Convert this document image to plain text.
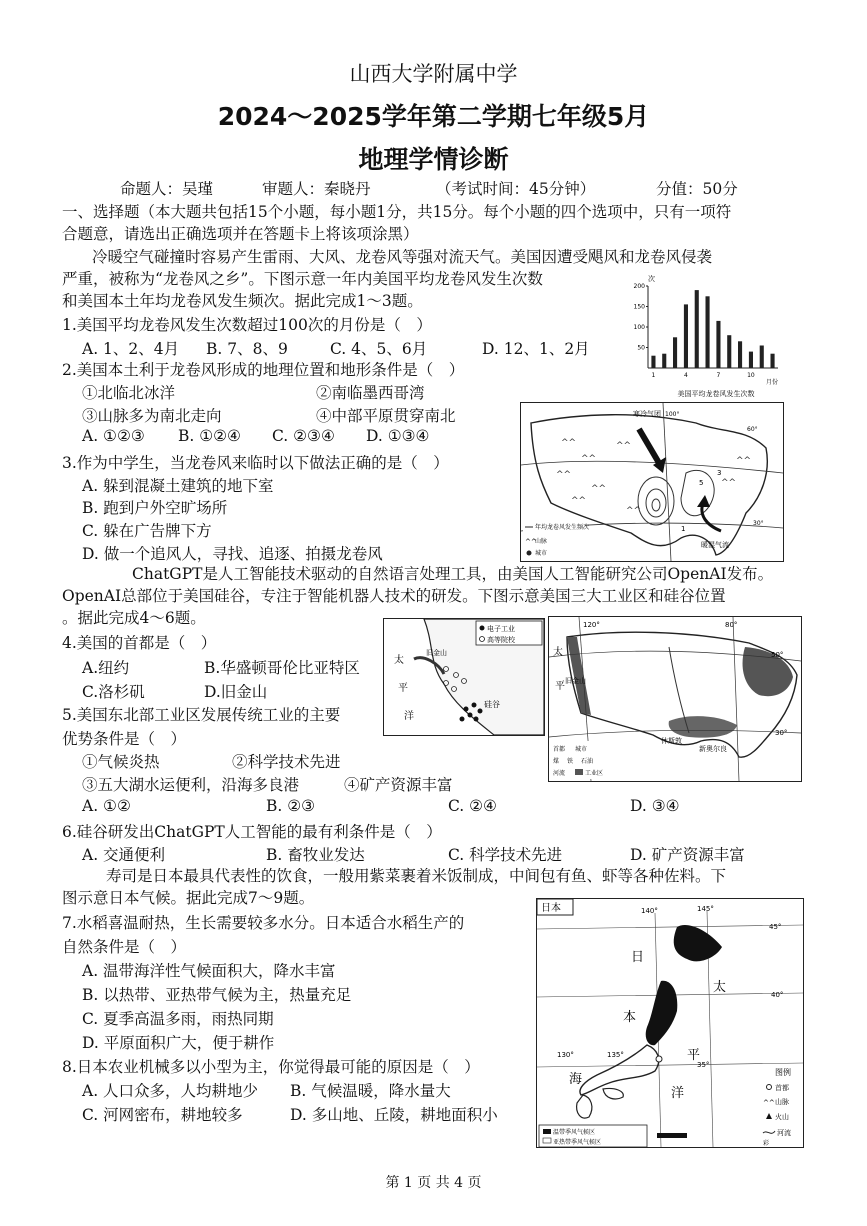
山西大学附属中学
2024～2025学年第二学期七年级5月
地理学情诊断
命题人：吴瑾	审题人：秦晓丹	（考试时间：45分钟）	分值：50分
一、选择题（本大题共包括15个小题，每小题1分，共15分。每个小题的四个选项中，只有一项符
合题意，请选出正确选项并在答题卡上将该项涂黑）
冷暖空气碰撞时容易产生雷雨、大风、龙卷风等强对流天气。美国因遭受飓风和龙卷风侵袭
严重，被称为“龙卷风之乡”。下图示意一年内美国平均龙卷风发生次数
和美国本土年均龙卷风发生频次。据此完成1～3题。
次
200
150
100
50
1	4	7	10
月份
美国平均龙卷风发生次数
1.美国平均龙卷风发生次数超过100次的月份是（　）
A. 1、2、4月 B. 7、8、9	C. 4、5、6月	D. 12、1、2月
2.美国本土利于龙卷风形成的地理位置和地形条件是（　）
①北临北冰洋	②南临墨西哥湾
③山脉多为南北走向	④中部平原贯穿南北
A. ①②③ B. ①②④ C. ②③④ D. ①③④	^^
^^
^^
^^
^^
^^
^^
^^
^^
寒冷气团 100°
60°
30°
暖湿气流
5
3
1
年均龙卷风发生频次
^^
山脉
城市
3.作为中学生，当龙卷风来临时以下做法正确的是（　）
A. 躲到混凝土建筑的地下室
B. 跑到户外空旷场所
C. 躲在广告牌下方
D. 做一个追风人，寻找、追逐、拍摄龙卷风
ChatGPT是人工智能技术驱动的自然语言处理工具，由美国人工智能研究公司OpenAI发布。
OpenAI总部位于美国硅谷，专注于智能机器人技术的研发。下图示意美国三大工业区和硅谷位置
。据此完成4～6题。
4.美国的首都是（　）
A.纽约	B.华盛顿哥伦比亚特区
C.洛杉矶	D.旧金山
电子工业
高等院校
太
平
洋
旧金山
硅谷
120°	80°
50°
30°
太
平 旧金山
休斯敦
新奥尔良
首都 城市
煤 铁 石油
河流	工业区
5.美国东北部工业区发展传统工业的主要
优势条件是（　）
①气候炎热	②科学技术先进
③五大湖水运便利，沿海多良港	④矿产资源丰富
A. ①②	B. ②③	C. ②④	D. ③④
6.硅谷研发出ChatGPT人工智能的最有利条件是（　）
A. 交通便利	B. 畜牧业发达	C. 科学技术先进	D. 矿产资源丰富
寿司是日本最具代表性的饮食，一般用紫菜裹着米饭制成，中间包有鱼、虾等各种佐料。下
图示意日本气候。据此完成7～9题。
7.水稻喜温耐热，生长需要较多水分。日本适合水稻生产的
自然条件是（　）
A. 温带海洋性气候面积大，降水丰富
B. 以热带、亚热带气候为主，热量充足
C. 夏季高温多雨，雨热同期
D. 平原面积广大，便于耕作
8.日本农业机械多以小型为主，你觉得最可能的原因是（　）
A. 人口众多，人均耕地少 B. 气候温暖，降水量大
C. 河网密布，耕地较多	D. 多山地、丘陵，耕地面积小
日本	140°	145°
45°
40°
35°
130°	135°
日
本
海
太
平
洋
图例
首都
^^ 山脉
火山
河流
温带季风气候区
亚热带季风气候区	彩
第 1 页 共 4 页
